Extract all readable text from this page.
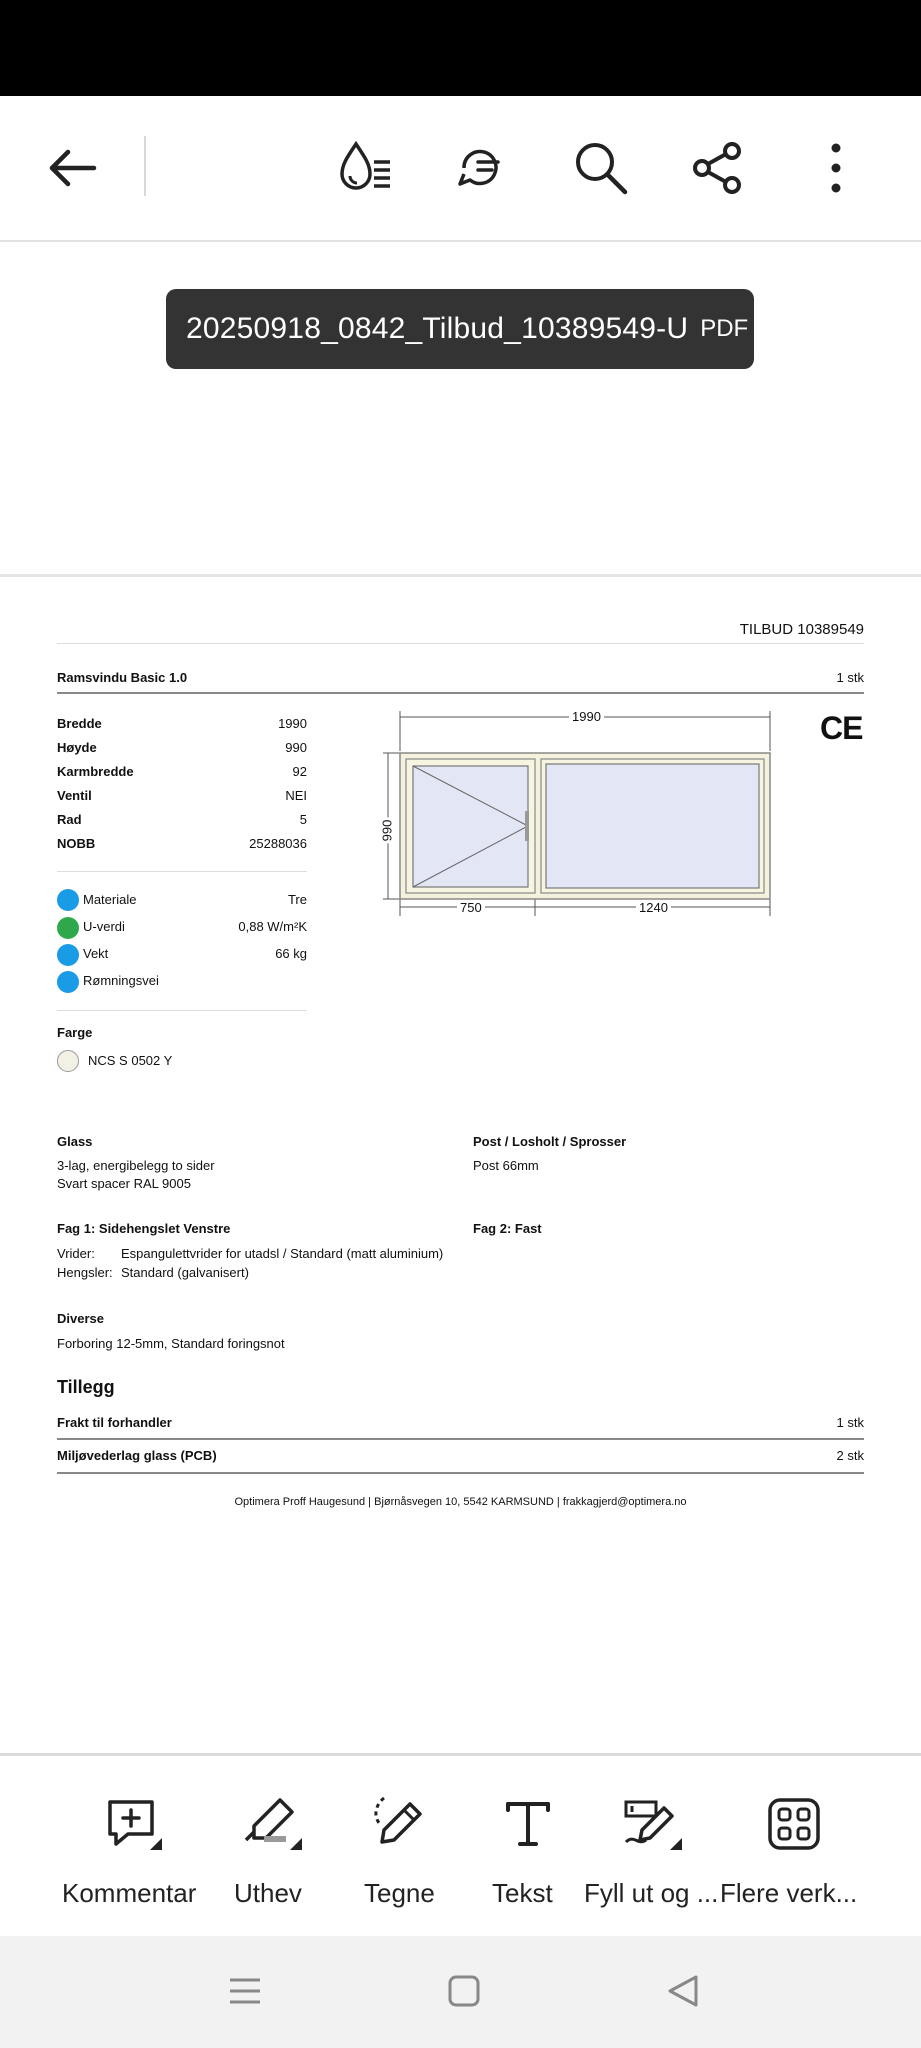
20250918_0842_Tilbud_10389549-U PDF
TILBUD 10389549
Ramsvindu Basic 1.0	1 stk
Bredde	1990
Høyde	990
Karmbredde	92
Ventil	NEI
Rad	5
NOBB	25288036
Materiale	Tre
U-verdi	0,88 W/m²K
Vekt	66 kg
Rømningsvei
Farge
NCS S 0502 Y
1990
990
750	1240
CE
Glass
3-lag, energibelegg to sider
Svart spacer RAL 9005
Post / Losholt / Sprosser
Post 66mm
Fag 1: Sidehengslet Venstre
Vrider: Espangulettvrider for utadsl / Standard (matt aluminium)
Hengsler: Standard (galvanisert)
Fag 2: Fast
Diverse
Forboring 12-5mm, Standard foringsnot
Tillegg
Frakt til forhandler	1 stk
Miljøvederlag glass (PCB)	2 stk
Optimera Proff Haugesund | Bjørnåsvegen 10, 5542 KARMSUND | frakkagjerd@optimera.no
Kommentar Uthev Tegne Tekst Fyll ut og ... Flere verk...
